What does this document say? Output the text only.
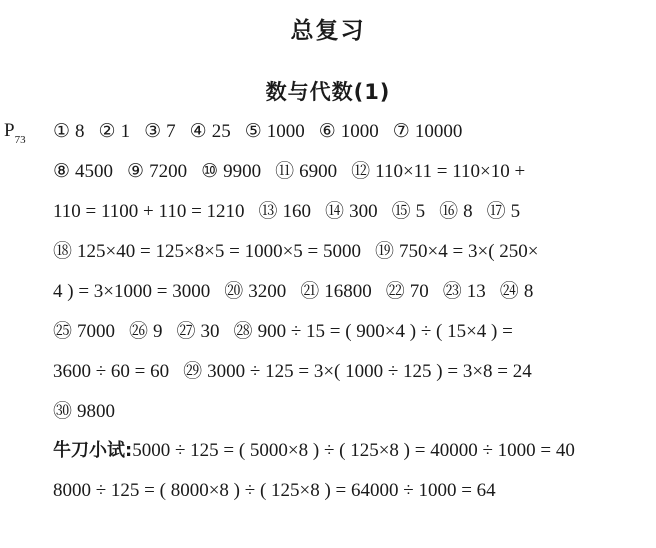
总复习
数与代数(1)
$P_{73}$ ① 8 ② 1 ③ 7 ④ 25 ⑤ 1000 ⑥ 1000 ⑦ 10000
⑧ 4500 ⑨ 7200 ⑩ 9900 ⑪ 6900 ⑫ 110×11 = 110×10 +
110 = 1100 + 110 = 1210 ⑬ 160 ⑭ 300 ⑮ 5 ⑯ 8 ⑰ 5
⑱ 125×40 = 125×8×5 = 1000×5 = 5000 ⑲ 750×4 = 3×( 250×
4 ) = 3×1000 = 3000 ⑳ 3200 ㉑ 16800 ㉒ 70 ㉓ 13 ㉔ 8
㉕ 7000 ㉖ 9 ㉗ 30 ㉘ 900 ÷ 15 = ( 900×4 ) ÷ ( 15×4 ) =
3600 ÷ 60 = 60 ㉙ 3000 ÷ 125 = 3×( 1000 ÷ 125 ) = 3×8 = 24
㉚ 9800
牛刀小试:5000 ÷ 125 = ( 5000×8 ) ÷ ( 125×8 ) = 40000 ÷ 1000 = 40
8000 ÷ 125 = ( 8000×8 ) ÷ ( 125×8 ) = 64000 ÷ 1000 = 64
